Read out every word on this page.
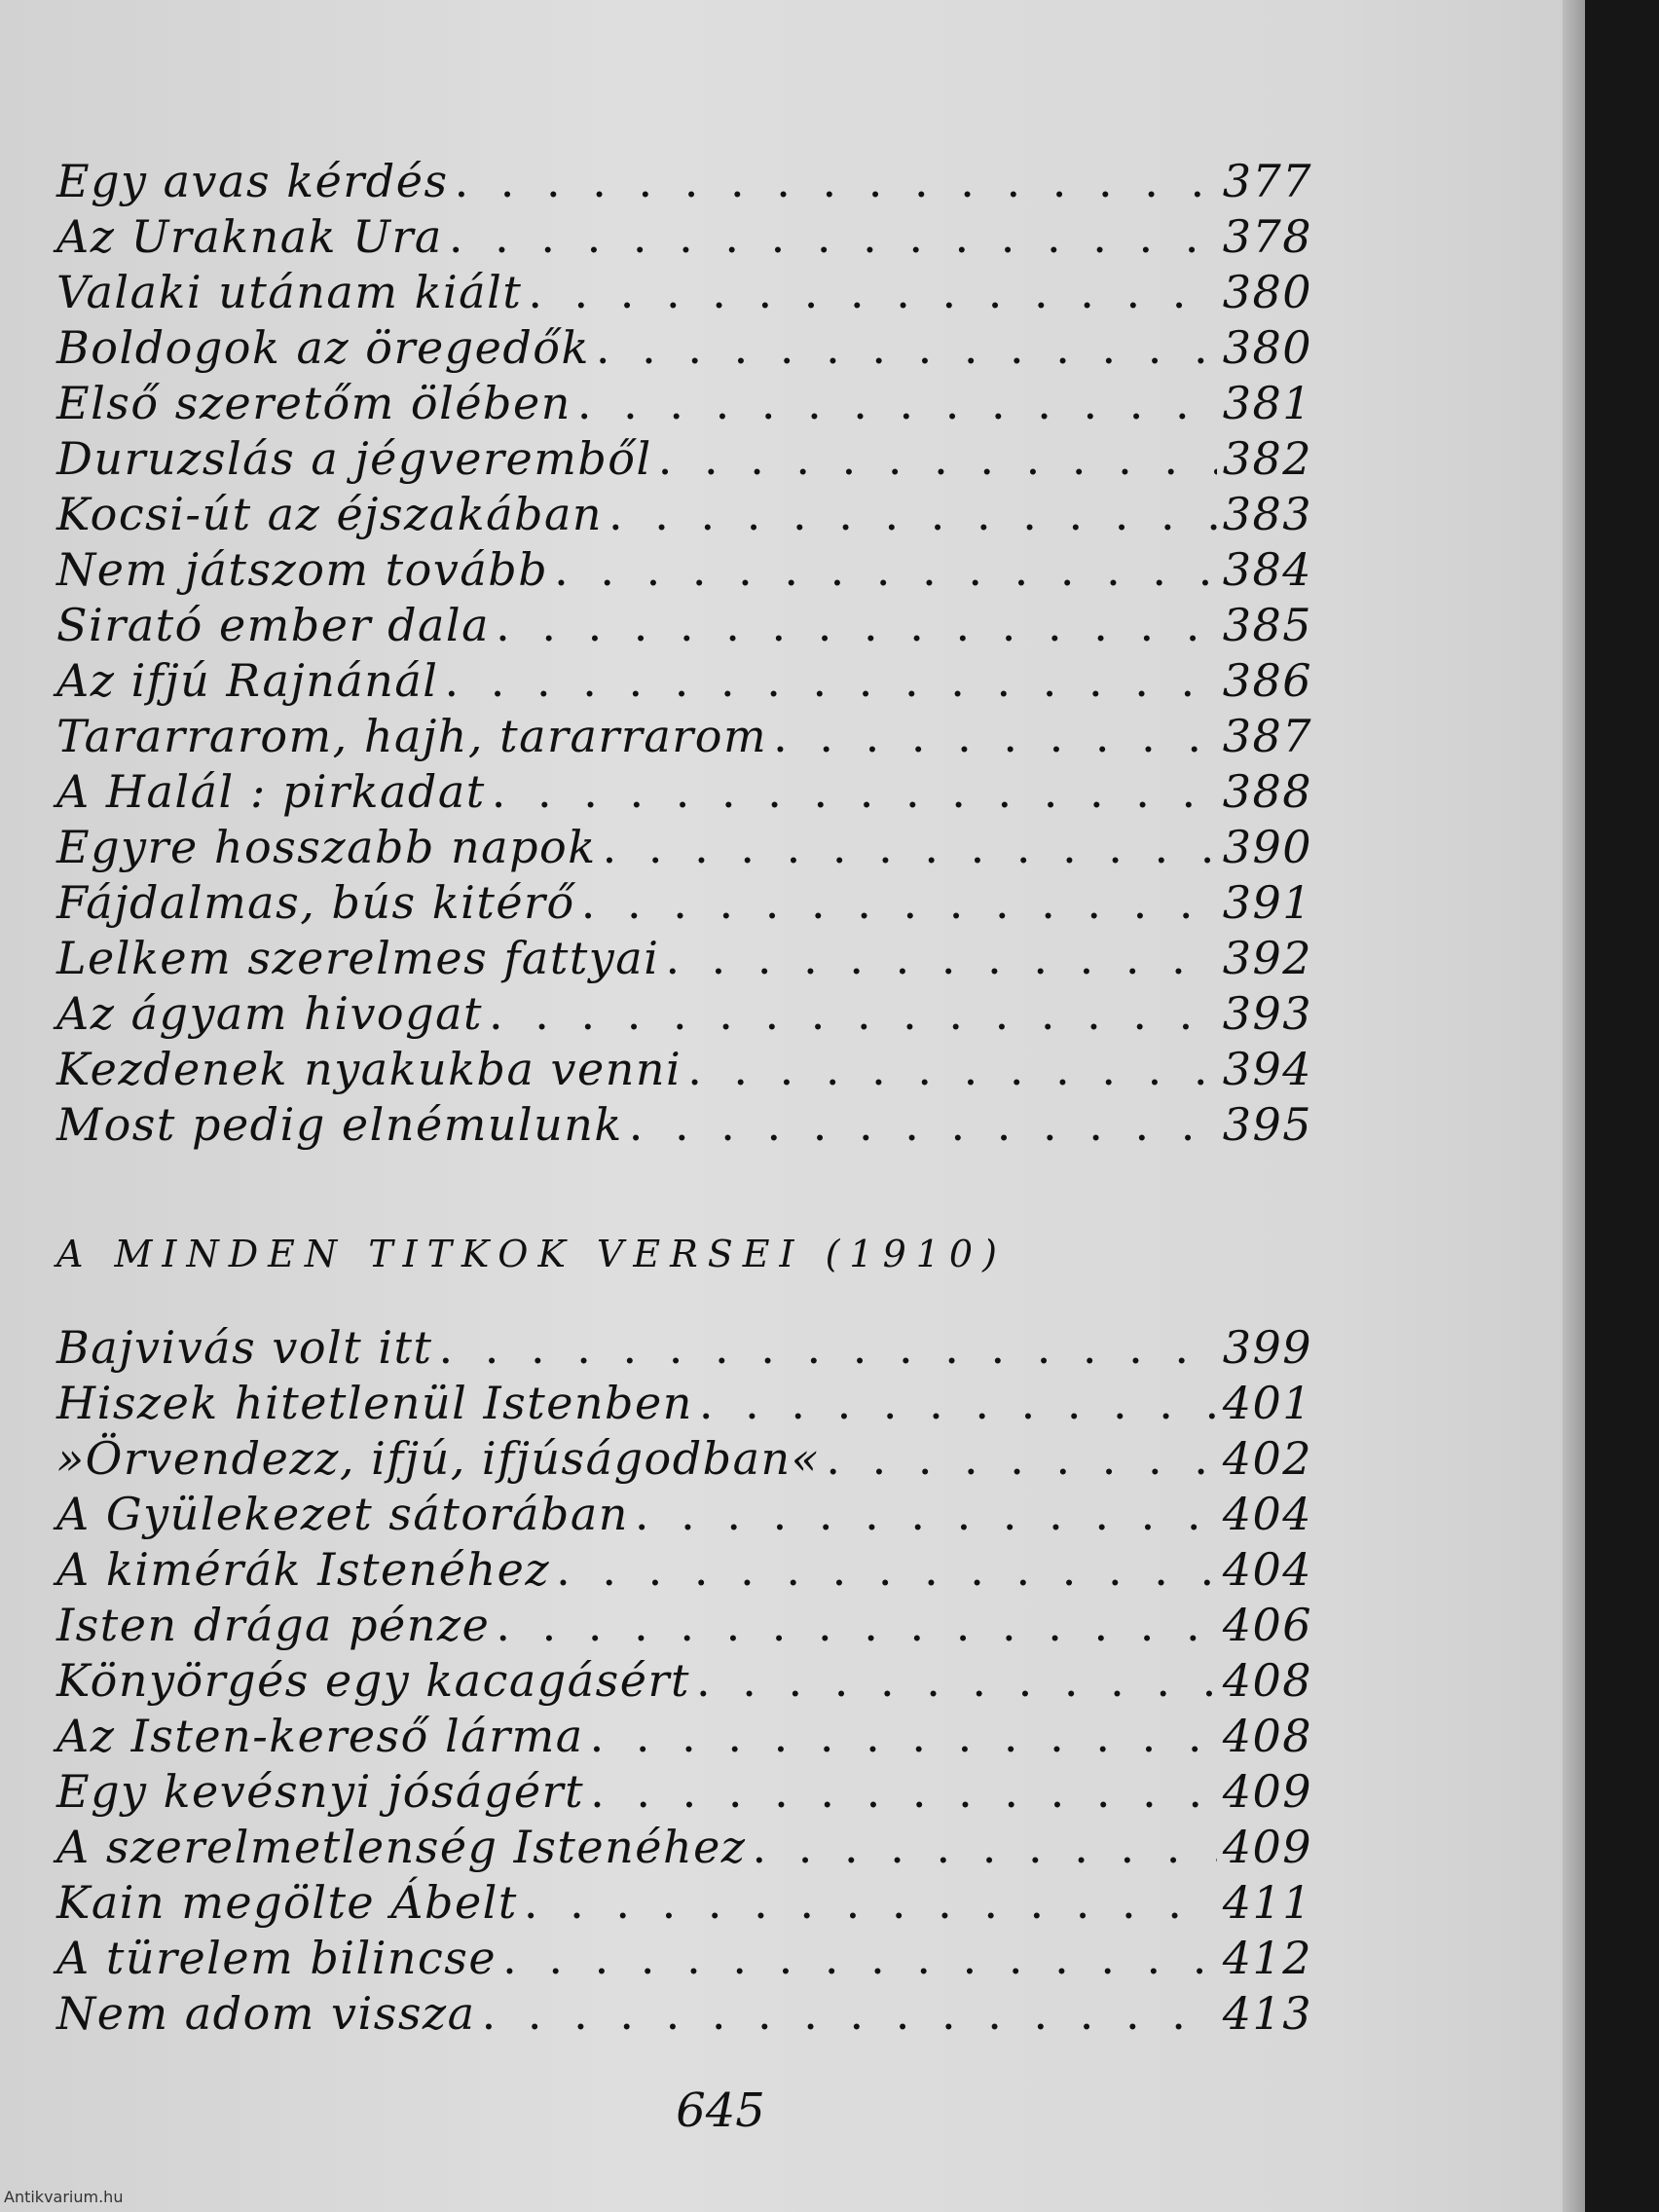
Egy avas kérdés . . .	377
Az Uraknak Ura . . .	378
Valaki utánam kiált . . .	380
Boldogok az öregedők . . .	380
Első szeretőm ölében . . .	381
Duruzslás a jégveremből . . .	382
Kocsi-út az éjszakában . . .	383
Nem játszom tovább . . .	384
Sirató ember dala . . .	385
Az ifjú Rajnánál . . .	386
Tararrarom, hajh, tararrarom . . .	387
A Halál : pirkadat . . .	388
Egyre hosszabb napok . . .	390
Fájdalmas, bús kitérő . . .	391
Lelkem szerelmes fattyai . . .	392
Az ágyam hivogat . . .	393
Kezdenek nyakukba venni . . .	394
Most pedig elnémulunk . . .	395
A MINDEN TITKOK VERSEI (1910)
Bajvivás volt itt . . .	399
Hiszek hitetlenül Istenben . . .	401
»Örvendezz, ifjú, ifjúságodban« . . .	402
A Gyülekezet sátorában . . .	404
A kimérák Istenéhez . . .	404
Isten drága pénze . . .	406
Könyörgés egy kacagásért . . .	408
Az Isten-kereső lárma . . .	408
Egy kevésnyi jóságért . . .	409
A szerelmetlenség Istenéhez . . .	409
Kain megölte Ábelt . . .	411
A türelem bilincse . . .	412
Nem adom vissza . . .	413
645
Antikvarium.hu
